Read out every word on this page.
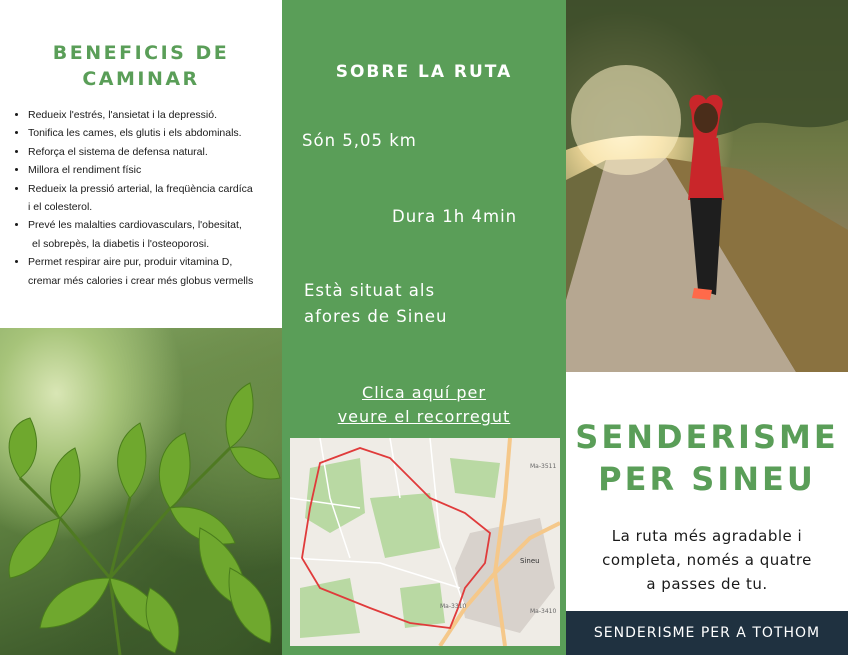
BENEFICIS DE
CAMINAR
• Redueix l'estrés, l'ansietat i la depressió.
• Tonifica les cames, els glutis i els abdominals.
• Reforça el sistema de defensa natural.
• Millora el rendiment físic
• Redueix la pressió arterial, la freqüència cardíca
i el colesterol.
• Prevé les malalties cardiovasculars, l'obesitat,
el sobrepès, la diabetis i l'osteoporosi.
• Permet respirar aire pur, produir vitamina D,
cremar més calories i crear més globus vermells
SOBRE LA RUTA
Són 5,05 km
Dura 1h 4min
Està situat als
afores de Sineu
Clica aquí per
veure el recorregut
Ma-3511
Sineu
Ma-3310
Ma-3410
SENDERISME
PER SINEU
La ruta més agradable i
completa, només a quatre
a passes de tu.
SENDERISME PER A TOTHOM
